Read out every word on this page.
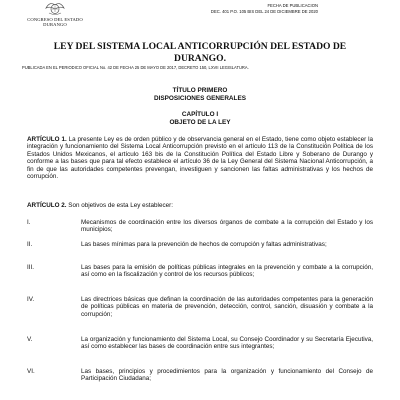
CONGRESO DEL ESTADO
DURANGO
FECHA DE PUBLICACION
DEC. 401 P.O. 105 BIS DEL 24 DE DICIEMBRE DE 2020
LEY DEL SISTEMA LOCAL ANTICORRUPCIÓN DEL ESTADO DE
DURANGO.
PUBLICADA EN EL PERIODICO OFICIAL No. 42 DE FECHA 25 DE MAYO DE 2017, DECRETO 150, LXVII LEGISLATURA.
TÍTULO PRIMERO
DISPOSICIONES GENERALES
CAPÍTULO I
OBJETO DE LA LEY
ARTÍCULO 1. La presente Ley es de orden público y de observancia general en el Estado, tiene como objeto establecer la integración y funcionamiento del Sistema Local Anticorrupción previsto en el artículo 113 de la Constitución Política de los Estados Unidos Mexicanos, el artículo 163 bis de la Constitución Política del Estado Libre y Soberano de Durango y conforme a las bases que para tal efecto establece el artículo 36 de la Ley General del Sistema Nacional Anticorrupción, a fin de que las autoridades competentes prevengan, investiguen y sancionen las faltas administrativas y los hechos de corrupción.
ARTÍCULO 2. Son objetivos de esta Ley establecer:
I.	Mecanismos de coordinación entre los diversos órganos de combate a la corrupción del Estado y los municipios;
II.	Las bases mínimas para la prevención de hechos de corrupción y faltas administrativas;
III.	Las bases para la emisión de políticas públicas integrales en la prevención y combate a la corrupción, así como en la fiscalización y control de los recursos públicos;
IV.	Las directrices básicas que definan la coordinación de las autoridades competentes para la generación de políticas públicas en materia de prevención, detección, control, sanción, disuasión y combate a la corrupción;
V.	La organización y funcionamiento del Sistema Local, su Consejo Coordinador y su Secretaría Ejecutiva, así como establecer las bases de coordinación entre sus integrantes;
VI.	Las bases, principios y procedimientos para la organización y funcionamiento del Consejo de Participación Ciudadana;
